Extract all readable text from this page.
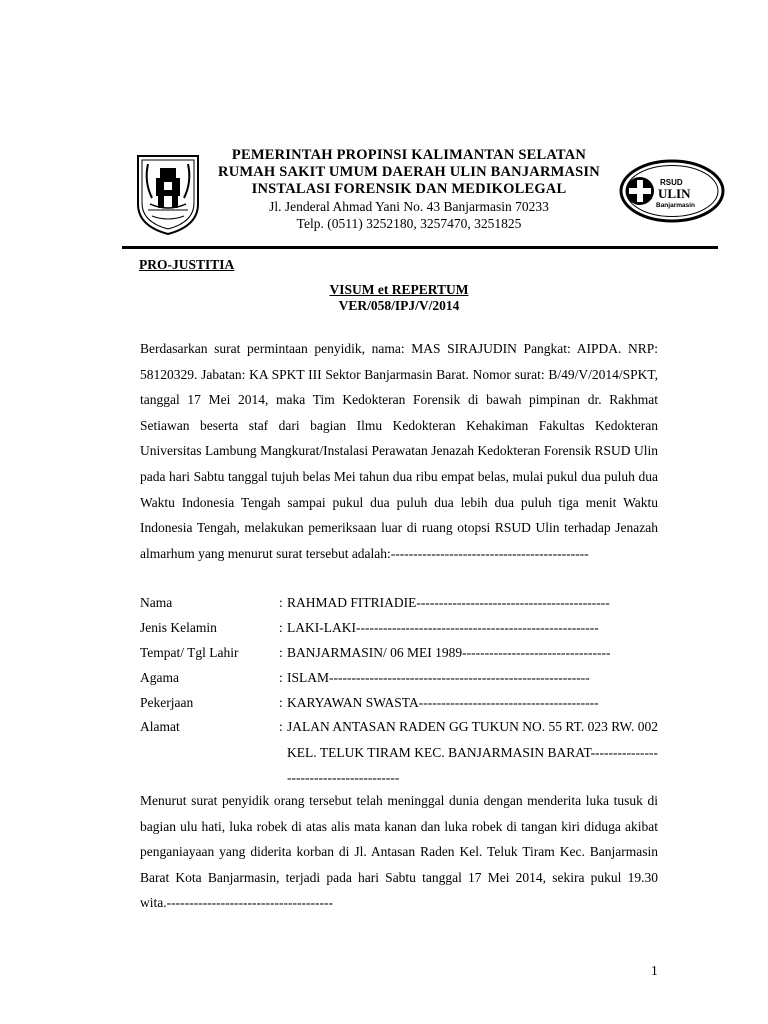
PEMERINTAH PROPINSI KALIMANTAN SELATAN
RUMAH SAKIT UMUM DAERAH ULIN BANJARMASIN
INSTALASI FORENSIK DAN MEDIKOLEGAL
Jl. Jenderal Ahmad Yani No. 43 Banjarmasin 70233
Telp. (0511) 3252180, 3257470, 3251825
RSUD
ULIN
Banjarmasin
PRO-JUSTITIA
VISUM et REPERTUM
VER/058/IPJ/V/2014
Berdasarkan surat permintaan penyidik, nama: MAS SIRAJUDIN Pangkat: AIPDA. NRP: 58120329. Jabatan: KA SPKT III Sektor Banjarmasin Barat. Nomor surat: B/49/V/2014/SPKT, tanggal 17 Mei 2014, maka Tim Kedokteran Forensik di bawah pimpinan dr. Rakhmat Setiawan beserta staf dari bagian Ilmu Kedokteran Kehakiman Fakultas Kedokteran Universitas Lambung Mangkurat/Instalasi Perawatan Jenazah Kedokteran Forensik RSUD Ulin pada hari Sabtu tanggal tujuh belas Mei tahun dua ribu empat belas, mulai pukul dua puluh dua Waktu Indonesia Tengah sampai pukul dua puluh dua lebih dua puluh tiga menit Waktu Indonesia Tengah, melakukan pemeriksaan luar di ruang otopsi RSUD Ulin terhadap Jenazah almarhum yang menurut surat tersebut adalah:--------------------------------------------
Nama	: RAHMAD FITRIADIE-------------------------------------------
Jenis Kelamin	: LAKI-LAKI------------------------------------------------------
Tempat/ Tgl Lahir	: BANJARMASIN/ 06 MEI 1989---------------------------------
Agama	: ISLAM----------------------------------------------------------
Pekerjaan	: KARYAWAN SWASTA----------------------------------------
Alamat	: JALAN ANTASAN RADEN GG TUKUN NO. 55 RT. 023 RW. 002 KEL. TELUK TIRAM KEC. BANJARMASIN BARAT----------------------------------------
Menurut surat penyidik orang tersebut telah meninggal dunia dengan menderita luka tusuk di bagian ulu hati, luka robek di atas alis mata kanan dan luka robek di tangan kiri diduga akibat penganiayaan yang diderita korban di Jl. Antasan Raden Kel. Teluk Tiram Kec. Banjarmasin Barat Kota Banjarmasin, terjadi pada hari Sabtu tanggal 17 Mei 2014, sekira pukul 19.30 wita.-------------------------------------
1
